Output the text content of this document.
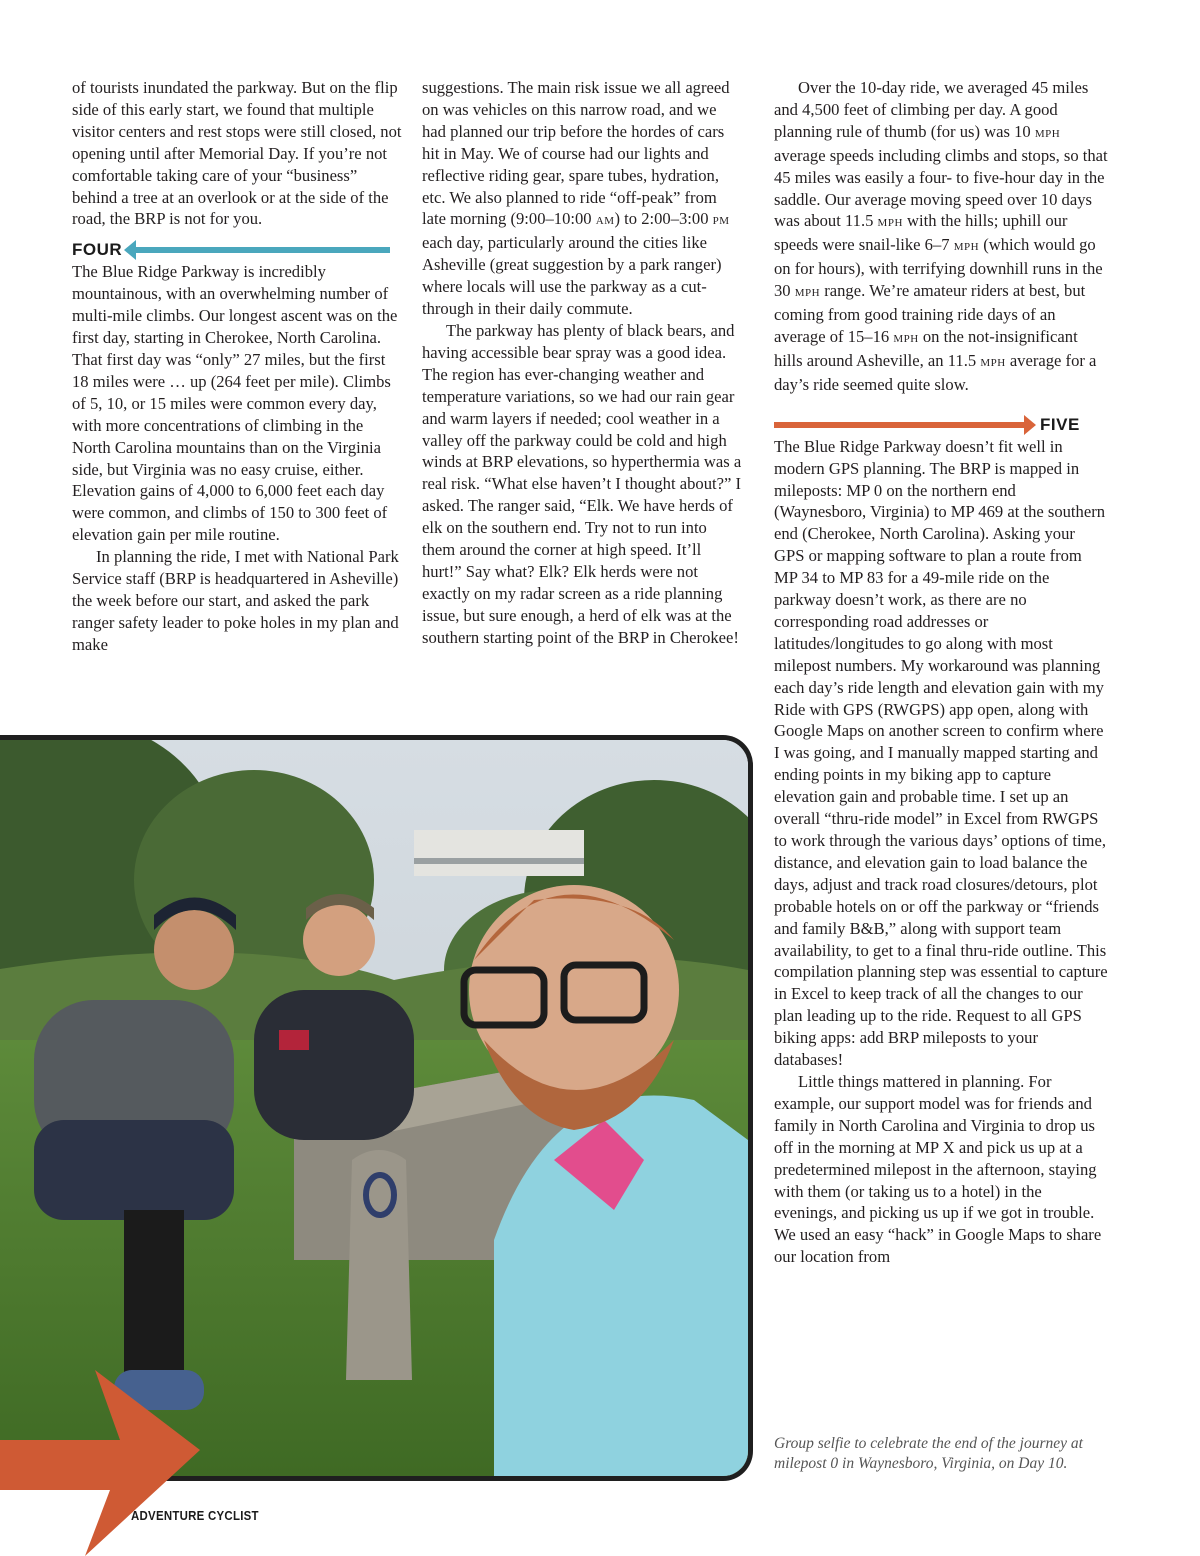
of tourists inundated the parkway. But on the flip side of this early start, we found that multiple visitor centers and rest stops were still closed, not opening until after Memorial Day. If you’re not comfortable taking care of your “business” behind a tree at an overlook or at the side of the road, the BRP is not for you.

FOUR

The Blue Ridge Parkway is incredibly mountainous, with an overwhelming number of multi-mile climbs. Our longest ascent was on the first day, starting in Cherokee, North Carolina. That first day was “only” 27 miles, but the first 18 miles were … up (264 feet per mile). Climbs of 5, 10, or 15 miles were common every day, with more concentrations of climbing in the North Carolina mountains than on the Virginia side, but Virginia was no easy cruise, either. Elevation gains of 4,000 to 6,000 feet each day were common, and climbs of 150 to 300 feet of elevation gain per mile routine.

In planning the ride, I met with National Park Service staff (BRP is headquartered in Asheville) the week before our start, and asked the park ranger safety leader to poke holes in my plan and make

suggestions. The main risk issue we all agreed on was vehicles on this narrow road, and we had planned our trip before the hordes of cars hit in May. We of course had our lights and reflective riding gear, spare tubes, hydration, etc. We also planned to ride “off-peak” from late morning (9:00–10:00 am) to 2:00–3:00 pm each day, particularly around the cities like Asheville (great suggestion by a park ranger) where locals will use the parkway as a cut-through in their daily commute.

The parkway has plenty of black bears, and having accessible bear spray was a good idea. The region has ever-changing weather and temperature variations, so we had our rain gear and warm layers if needed; cool weather in a valley off the parkway could be cold and high winds at BRP elevations, so hyperthermia was a real risk. “What else haven’t I thought about?” I asked. The ranger said, “Elk. We have herds of elk on the southern end. Try not to run into them around the corner at high speed. It’ll hurt!” Say what? Elk? Elk herds were not exactly on my radar screen as a ride planning issue, but sure enough, a herd of elk was at the southern starting point of the BRP in Cherokee!

Over the 10-day ride, we averaged 45 miles and 4,500 feet of climbing per day. A good planning rule of thumb (for us) was 10 mph average speeds including climbs and stops, so that 45 miles was easily a four- to five-hour day in the saddle. Our average moving speed over 10 days was about 11.5 mph with the hills; uphill our speeds were snail-like 6–7 mph (which would go on for hours), with terrifying downhill runs in the 30 mph range. We’re amateur riders at best, but coming from good training ride days of an average of 15–16 mph on the not-insignificant hills around Asheville, an 11.5 mph average for a day’s ride seemed quite slow.

FIVE

The Blue Ridge Parkway doesn’t fit well in modern GPS planning. The BRP is mapped in mileposts: MP 0 on the northern end (Waynesboro, Virginia) to MP 469 at the southern end (Cherokee, North Carolina). Asking your GPS or mapping software to plan a route from MP 34 to MP 83 for a 49-mile ride on the parkway doesn’t work, as there are no corresponding road addresses or latitudes/longitudes to go along with most milepost numbers. My workaround was planning each day’s ride length and elevation gain with my Ride with GPS (RWGPS) app open, along with Google Maps on another screen to confirm where I was going, and I manually mapped starting and ending points in my biking app to capture elevation gain and probable time. I set up an overall “thru-ride model” in Excel from RWGPS to work through the various days’ options of time, distance, and elevation gain to load balance the days, adjust and track road closures/detours, plot probable hotels on or off the parkway or “friends and family B&B,” along with support team availability, to get to a final thru-ride outline. This compilation planning step was essential to capture in Excel to keep track of all the changes to our plan leading up to the ride. Request to all GPS biking apps: add BRP mileposts to your databases!

Little things mattered in planning. For example, our support model was for friends and family in North Carolina and Virginia to drop us off in the morning at MP X and pick us up at a predetermined milepost in the afternoon, staying with them (or taking us to a hotel) in the evenings, and picking us up if we got in trouble. We used an easy “hack” in Google Maps to share our location from

Group selfie to celebrate the end of the journey at milepost 0 in Waynesboro, Virginia, on Day 10.
ADVENTURE CYCLIST
